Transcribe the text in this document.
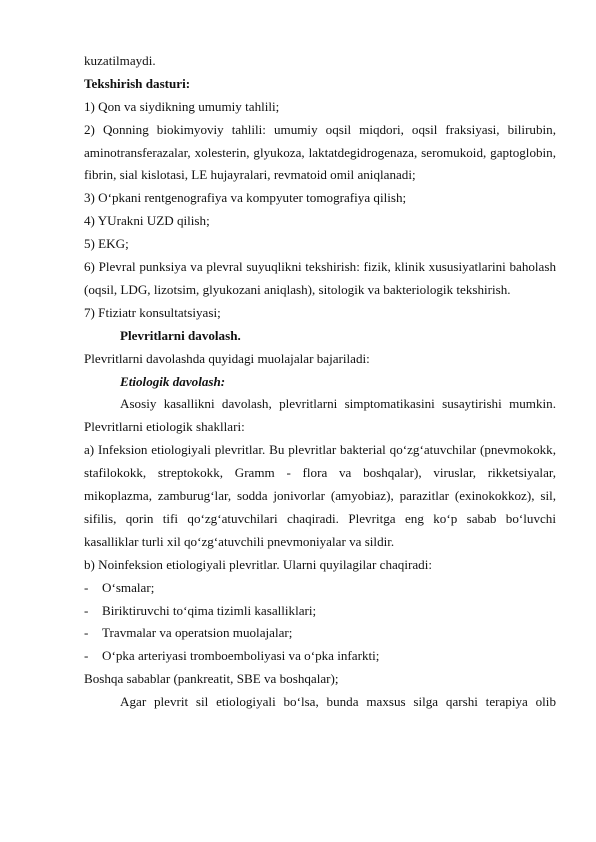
kuzatilmaydi.
Tekshirish dasturi:
1) Qon va siydikning umumiy tahlili;
2) Qonning biokimyoviy tahlili: umumiy oqsil miqdori, oqsil fraksiyasi, bilirubin, aminotransferazalar, xolesterin, glyukoza, laktatdegidrogenaza, seromukoid, gaptoglobin, fibrin, sial kislotasi, LE hujayralari, revmatoid omil aniqlanadi;
3) O‘pkani rentgenografiya va kompyuter tomografiya qilish;
4) YUrakni UZD qilish;
5) EKG;
6) Plevral punksiya va plevral suyuqlikni tekshirish: fizik, klinik xususiyatlarini baholash (oqsil, LDG, lizotsim, glyukozani aniqlash), sitologik va bakteriologik tekshirish.
7) Ftiziatr konsultatsiyasi;
Plevritlarni davolash.
Plevritlarni davolashda quyidagi muolajalar bajariladi:
Etiologik davolash:
Asosiy kasallikni davolash, plevritlarni simptomatikasini susaytirishi mumkin. Plevritlarni etiologik shakllari:
a) Infeksion etiologiyali plevritlar. Bu plevritlar bakterial qo‘zg‘atuvchilar (pnevmokokk, stafilokokk, streptokokk, Gramm - flora va boshqalar), viruslar, rikketsiyalar, mikoplazma, zamburug‘lar, sodda jonivorlar (amyobiaz), parazitlar (exinokokkoz), sil, sifilis, qorin tifi qo‘zg‘atuvchilari chaqiradi. Plevritga eng ko‘p sabab bo‘luvchi kasalliklar turli xil qo‘zg‘atuvchili pnevmoniyalar va sildir.
b) Noinfeksion etiologiyali plevritlar. Ularni quyilagilar chaqiradi:
-	O‘smalar;
-	Biriktiruvchi to‘qima tizimli kasalliklari;
-	Travmalar va operatsion muolajalar;
-	O‘pka arteriyasi tromboemboliyasi va o‘pka infarkti;
Boshqa sabablar (pankreatit, SBE va boshqalar);
Agar plevrit sil etiologiyali bo‘lsa, bunda maxsus silga qarshi terapiya olib
